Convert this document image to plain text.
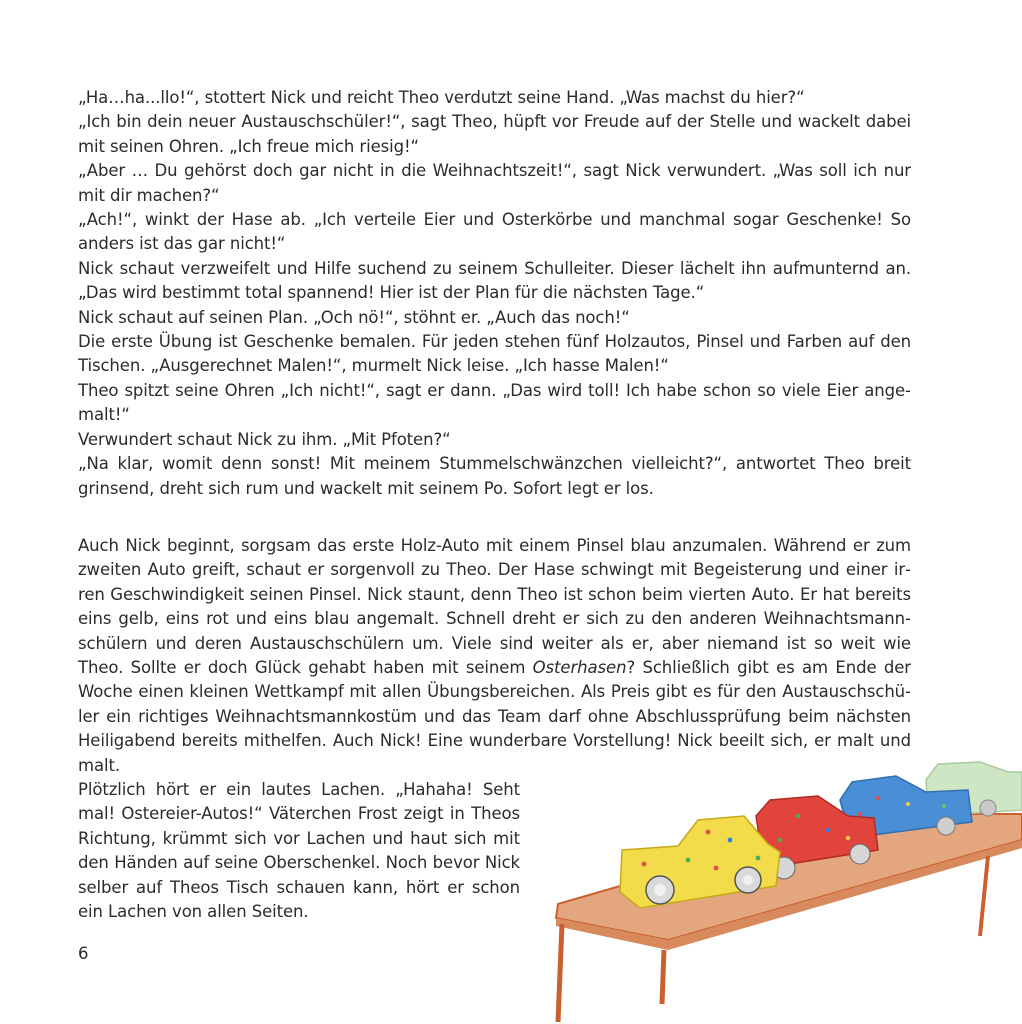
„Ha…ha...llo!“, stottert Nick und reicht Theo verdutzt seine Hand. „Was machst du hier?“

„Ich bin dein neuer Austauschschüler!“, sagt Theo, hüpft vor Freude auf der Stelle und wackelt dabei mit seinen Ohren. „Ich freue mich riesig!“

„Aber … Du gehörst doch gar nicht in die Weihnachtszeit!“, sagt Nick verwundert. „Was soll ich nur mit dir machen?“

„Ach!“, winkt der Hase ab. „Ich verteile Eier und Osterkörbe und manchmal sogar Geschenke! So anders ist das gar nicht!“

Nick schaut verzweifelt und Hilfe suchend zu seinem Schulleiter. Dieser lächelt ihn aufmunternd an. „Das wird bestimmt total spannend! Hier ist der Plan für die nächsten Tage.“

Nick schaut auf seinen Plan. „Och nö!“, stöhnt er. „Auch das noch!“

Die erste Übung ist Geschenke bemalen. Für jeden stehen fünf Holzautos, Pinsel und Farben auf den Tischen. „Ausgerechnet Malen!“, murmelt Nick leise. „Ich hasse Malen!“

Theo spitzt seine Ohren „Ich nicht!“, sagt er dann. „Das wird toll! Ich habe schon so viele Eier angemalt!“

Verwundert schaut Nick zu ihm. „Mit Pfoten?“

„Na klar, womit denn sonst! Mit meinem Stummelschwänzchen vielleicht?“, antwortet Theo breit grinsend, dreht sich rum und wackelt mit seinem Po. Sofort legt er los.

Auch Nick beginnt, sorgsam das erste Holz-Auto mit einem Pinsel blau anzumalen. Während er zum zweiten Auto greift, schaut er sorgenvoll zu Theo. Der Hase schwingt mit Begeisterung und einer irren Geschwindigkeit seinen Pinsel. Nick staunt, denn Theo ist schon beim vierten Auto. Er hat bereits eins gelb, eins rot und eins blau angemalt. Schnell dreht er sich zu den anderen Weihnachtsmannschülern und deren Austauschschülern um. Viele sind weiter als er, aber niemand ist so weit wie Theo. Sollte er doch Glück gehabt haben mit seinem Osterhasen? Schließlich gibt es am Ende der Woche einen kleinen Wettkampf mit allen Übungsbereichen. Als Preis gibt es für den Austauschschüler ein richtiges Weihnachtsmannkostüm und das Team darf ohne Abschlussprüfung beim nächsten Heiligabend bereits mithelfen. Auch Nick! Eine wunderbare Vorstellung! Nick beeilt sich, er malt und malt.

Plötzlich hört er ein lautes Lachen. „Hahaha! Seht mal! Ostereier-Autos!“ Väterchen Frost zeigt in Theos Richtung, krümmt sich vor Lachen und haut sich mit den Händen auf seine Oberschenkel. Noch bevor Nick selber auf Theos Tisch schauen kann, hört er schon ein Lachen von allen Seiten.

6
